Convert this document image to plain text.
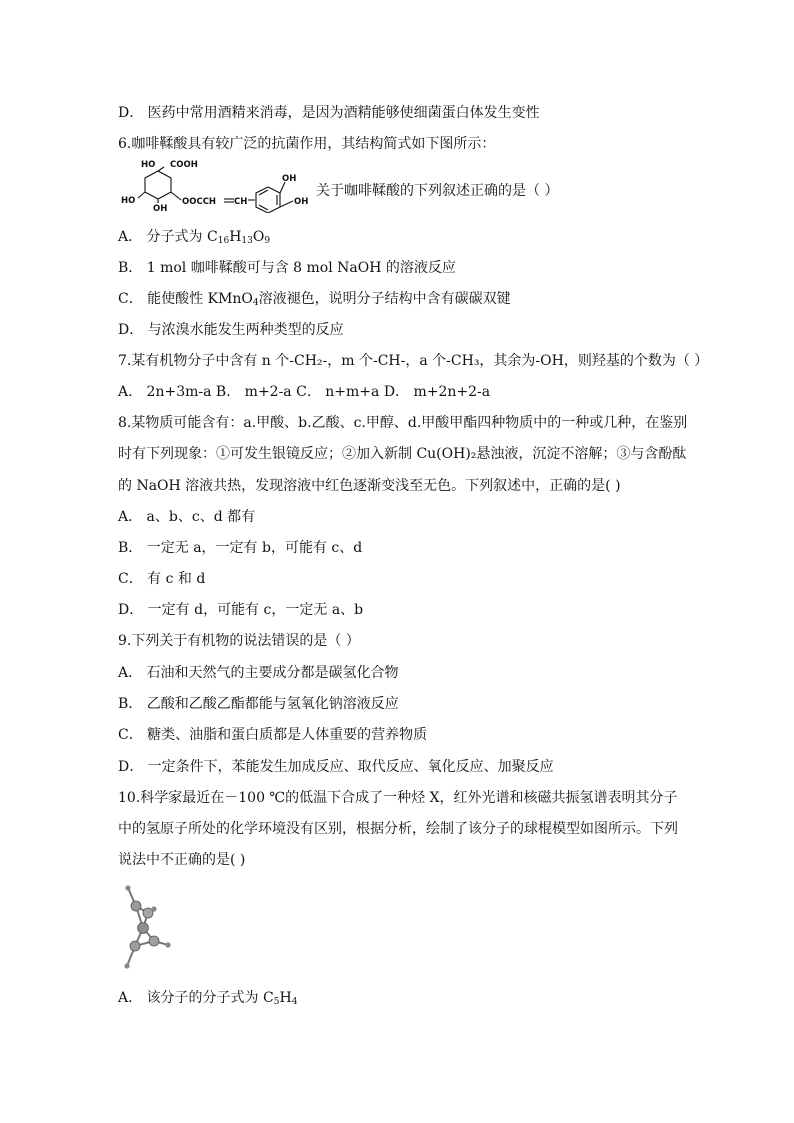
D． 医药中常用酒精来消毒，是因为酒精能够使细菌蛋白体发生变性
6.咖啡鞣酸具有较广泛的抗菌作用，其结构简式如下图所示：
HO COOH
HO
OH
OOCCH CH
OH
OH
关于咖啡鞣酸的下列叙述正确的是（ ）
A． 分子式为 $C_{16}H_{13}O_9$
B． 1 mol 咖啡鞣酸可与含 8 mol NaOH 的溶液反应
C． 能使酸性 KMnO$_4$溶液褪色，说明分子结构中含有碳碳双键
D． 与浓溴水能发生两种类型的反应
7.某有机物分子中含有 n 个-CH₂-，m 个-CH-，a 个-CH₃，其余为-OH，则羟基的个数为（ ）
A． 2n+3m-a B． m+2-a C． n+m+a D． m+2n+2-a
8.某物质可能含有：a.甲酸、b.乙酸、c.甲醇、d.甲酸甲酯四种物质中的一种或几种，在鉴别
时有下列现象：①可发生银镜反应；②加入新制 Cu(OH)₂悬浊液，沉淀不溶解；③与含酚酞
的 NaOH 溶液共热，发现溶液中红色逐渐变浅至无色。下列叙述中，正确的是( )
A． a、b、c、d 都有
B． 一定无 a，一定有 b，可能有 c、d
C． 有 c 和 d
D． 一定有 d，可能有 c，一定无 a、b
9.下列关于有机物的说法错误的是（ ）
A． 石油和天然气的主要成分都是碳氢化合物
B． 乙酸和乙酸乙酯都能与氢氧化钠溶液反应
C． 糖类、油脂和蛋白质都是人体重要的营养物质
D． 一定条件下，苯能发生加成反应、取代反应、氧化反应、加聚反应
10.科学家最近在－100 ℃的低温下合成了一种烃 X，红外光谱和核磁共振氢谱表明其分子
中的氢原子所处的化学环境没有区别，根据分析，绘制了该分子的球棍模型如图所示。下列
说法中不正确的是( )
A． 该分子的分子式为 $C_5H_4$
